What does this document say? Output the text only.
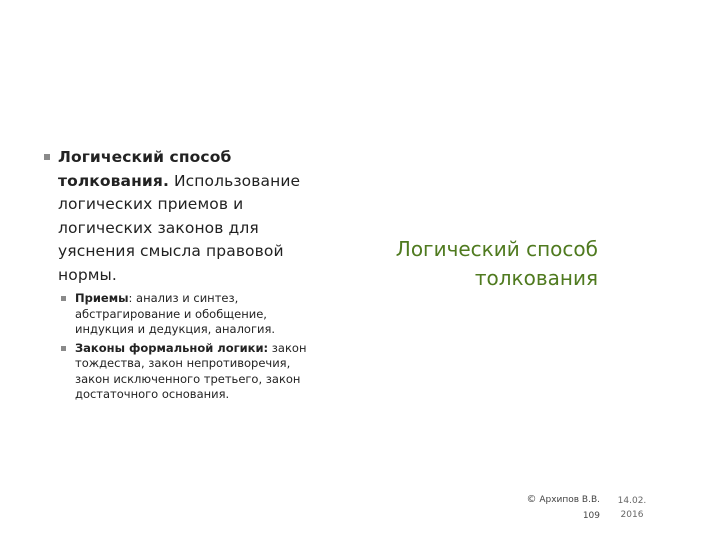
Логический способ толкования. Использование логических приемов и логических законов для уяснения смысла правовой нормы.
Приемы: анализ и синтез, абстрагирование и обобщение, индукция и дедукция, аналогия.
Законы формальной логики: закон тождества, закон непротиворечия, закон исключенного третьего, закон достаточного основания.
Логический способ
толкования
© Архипов В.В.
109
14.02.
2016
